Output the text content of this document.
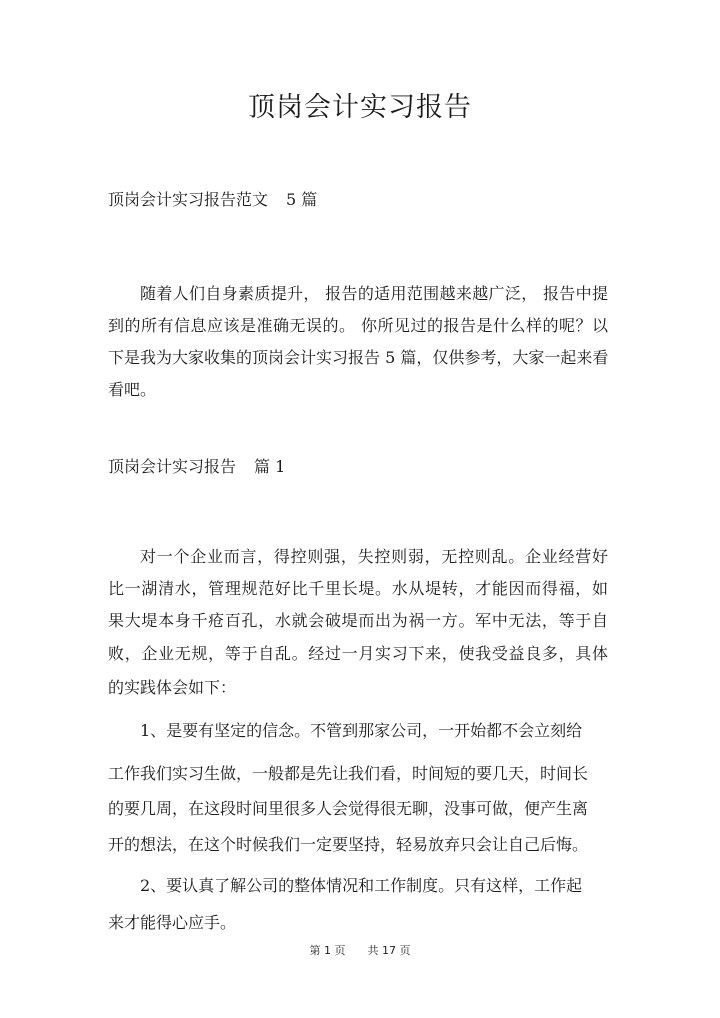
顶岗会计实习报告
顶岗会计实习报告范文 5 篇
随着人们自身素质提升， 报告的适用范围越来越广泛， 报告中提
到的所有信息应该是准确无误的。 你所见过的报告是什么样的呢？以
下是我为大家收集的顶岗会计实习报告 5 篇，仅供参考，大家一起来看
看吧。
顶岗会计实习报告 篇 1
对一个企业而言，得控则强，失控则弱，无控则乱。企业经营好
比一湖清水，管理规范好比千里长堤。水从堤转，才能因而得福，如
果大堤本身千疮百孔，水就会破堤而出为祸一方。军中无法，等于自
败，企业无规，等于自乱。经过一月实习下来，使我受益良多，具体
的实践体会如下：
1、是要有坚定的信念。不管到那家公司，一开始都不会立刻给
工作我们实习生做，一般都是先让我们看，时间短的要几天，时间长
的要几周，在这段时间里很多人会觉得很无聊，没事可做，便产生离
开的想法，在这个时候我们一定要坚持，轻易放弃只会让自己后悔。
2、要认真了解公司的整体情况和工作制度。只有这样，工作起
来才能得心应手。
第 1 页 共 17 页
